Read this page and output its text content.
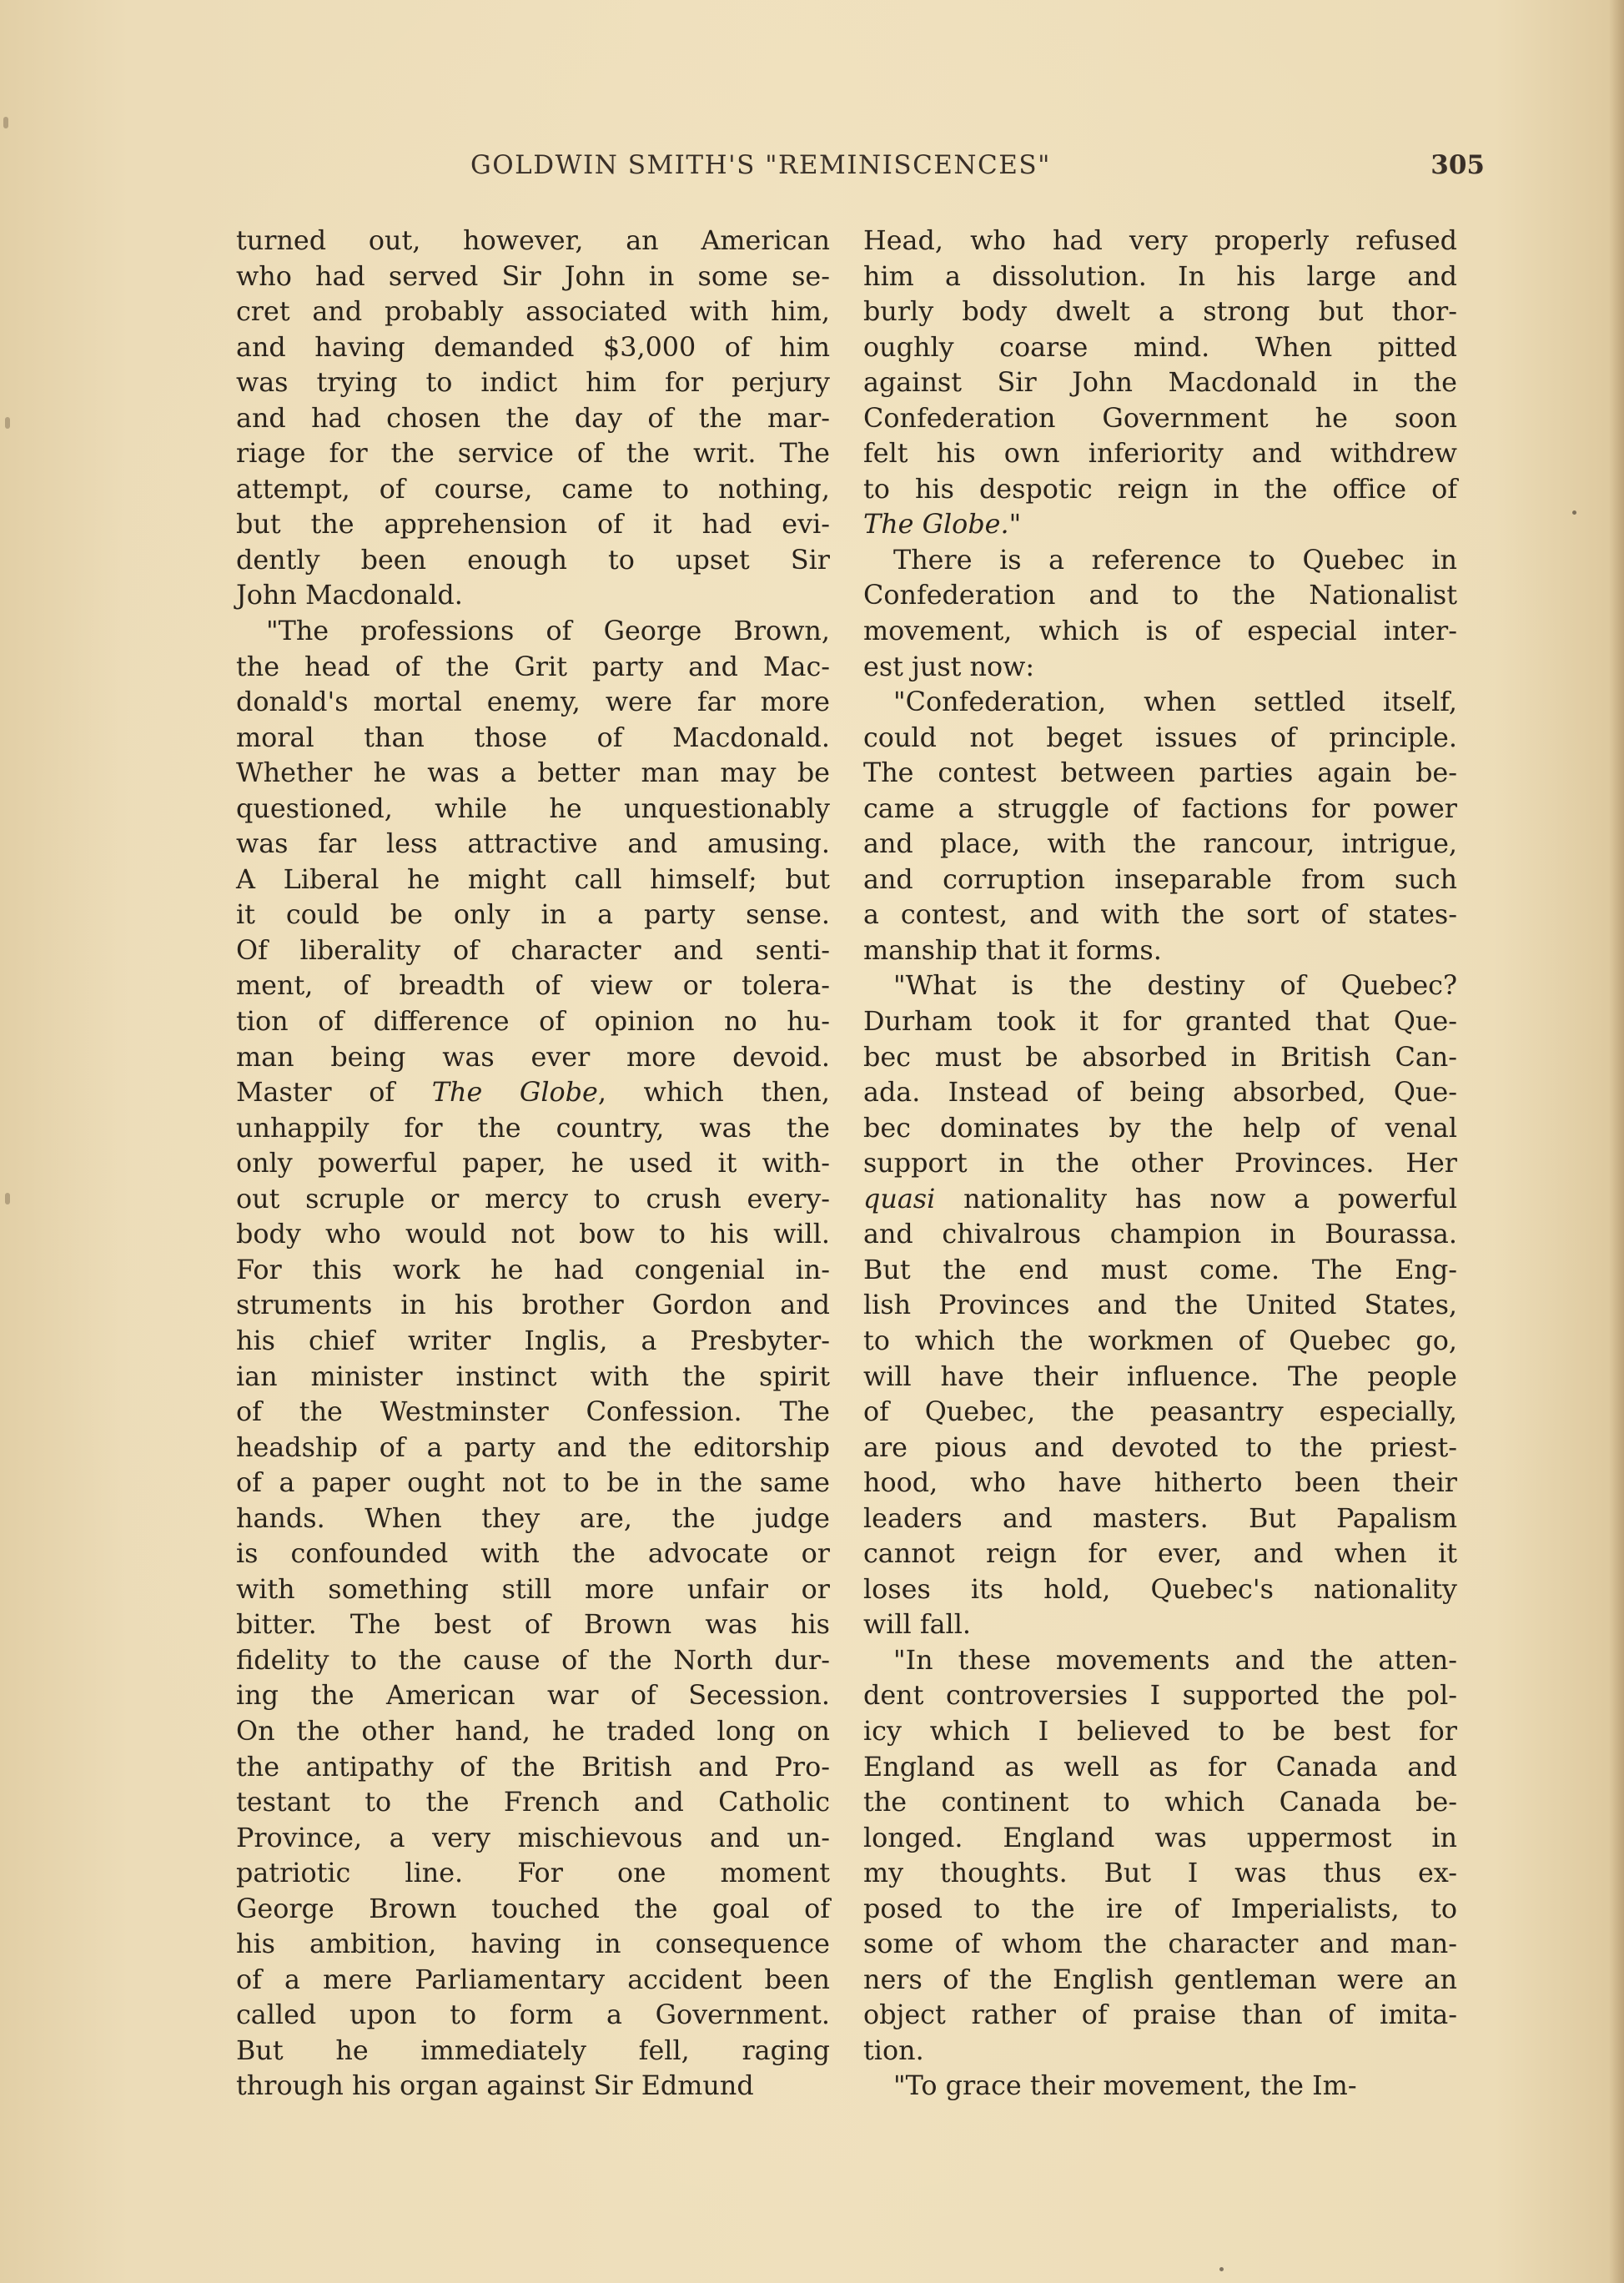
GOLDWIN SMITH'S "REMINISCENCES"	305
turned out, however, an American
who had served Sir John in some se-
cret and probably associated with him,
and having demanded $3,000 of him
was trying to indict him for perjury
and had chosen the day of the mar-
riage for the service of the writ. The
attempt, of course, came to nothing,
but the apprehension of it had evi-
dently been enough to upset Sir
John Macdonald.
"The professions of George Brown,
the head of the Grit party and Mac-
donald's mortal enemy, were far more
moral than those of Macdonald.
Whether he was a better man may be
questioned, while he unquestionably
was far less attractive and amusing.
A Liberal he might call himself; but
it could be only in a party sense.
Of liberality of character and senti-
ment, of breadth of view or tolera-
tion of difference of opinion no hu-
man being was ever more devoid.
Master of The Globe, which then,
unhappily for the country, was the
only powerful paper, he used it with-
out scruple or mercy to crush every-
body who would not bow to his will.
For this work he had congenial in-
struments in his brother Gordon and
his chief writer Inglis, a Presbyter-
ian minister instinct with the spirit
of the Westminster Confession. The
headship of a party and the editorship
of a paper ought not to be in the same
hands. When they are, the judge
is confounded with the advocate or
with something still more unfair or
bitter. The best of Brown was his
fidelity to the cause of the North dur-
ing the American war of Secession.
On the other hand, he traded long on
the antipathy of the British and Pro-
testant to the French and Catholic
Province, a very mischievous and un-
patriotic line. For one moment
George Brown touched the goal of
his ambition, having in consequence
of a mere Parliamentary accident been
called upon to form a Government.
But he immediately fell, raging
through his organ against Sir Edmund
Head, who had very properly refused
him a dissolution. In his large and
burly body dwelt a strong but thor-
oughly coarse mind. When pitted
against Sir John Macdonald in the
Confederation Government he soon
felt his own inferiority and withdrew
to his despotic reign in the office of
The Globe."
There is a reference to Quebec in
Confederation and to the Nationalist
movement, which is of especial inter-
est just now:
"Confederation, when settled itself,
could not beget issues of principle.
The contest between parties again be-
came a struggle of factions for power
and place, with the rancour, intrigue,
and corruption inseparable from such
a contest, and with the sort of states-
manship that it forms.
"What is the destiny of Quebec?
Durham took it for granted that Que-
bec must be absorbed in British Can-
ada. Instead of being absorbed, Que-
bec dominates by the help of venal
support in the other Provinces. Her
quasi nationality has now a powerful
and chivalrous champion in Bourassa.
But the end must come. The Eng-
lish Provinces and the United States,
to which the workmen of Quebec go,
will have their influence. The people
of Quebec, the peasantry especially,
are pious and devoted to the priest-
hood, who have hitherto been their
leaders and masters. But Papalism
cannot reign for ever, and when it
loses its hold, Quebec's nationality
will fall.
"In these movements and the atten-
dent controversies I supported the pol-
icy which I believed to be best for
England as well as for Canada and
the continent to which Canada be-
longed. England was uppermost in
my thoughts. But I was thus ex-
posed to the ire of Imperialists, to
some of whom the character and man-
ners of the English gentleman were an
object rather of praise than of imita-
tion.
"To grace their movement, the Im-
